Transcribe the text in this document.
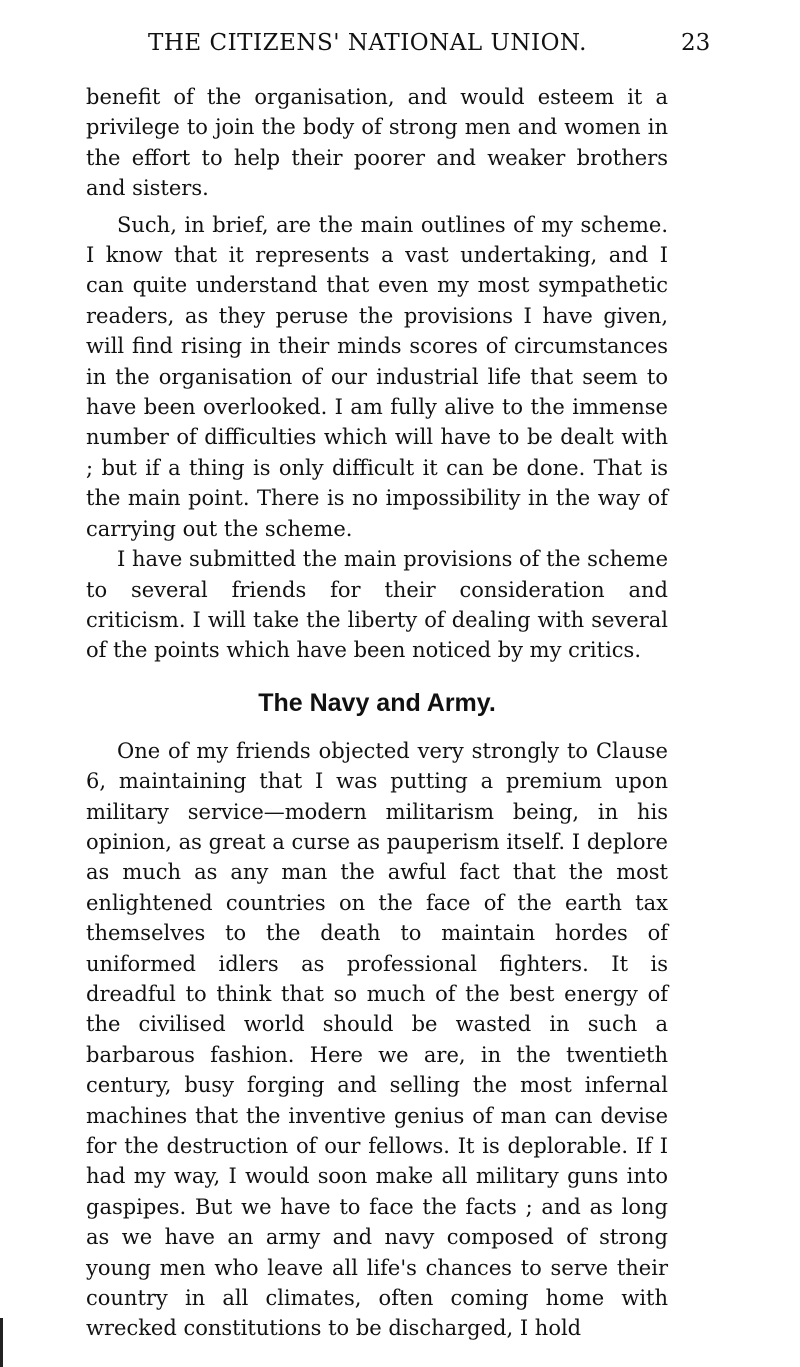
THE CITIZENS' NATIONAL UNION.	23

benefit of the organisation, and would esteem it a privilege to join the body of strong men and women in the effort to help their poorer and weaker brothers and sisters.

Such, in brief, are the main outlines of my scheme. I know that it represents a vast undertaking, and I can quite understand that even my most sympathetic readers, as they peruse the provisions I have given, will find rising in their minds scores of circumstances in the organisation of our industrial life that seem to have been overlooked. I am fully alive to the immense number of difficulties which will have to be dealt with ; but if a thing is only difficult it can be done. That is the main point. There is no impossibility in the way of carrying out the scheme.

I have submitted the main provisions of the scheme to several friends for their consideration and criticism. I will take the liberty of dealing with several of the points which have been noticed by my critics.

The Navy and Army.

One of my friends objected very strongly to Clause 6, maintaining that I was putting a premium upon military service—modern militarism being, in his opinion, as great a curse as pauperism itself. I deplore as much as any man the awful fact that the most enlightened countries on the face of the earth tax themselves to the death to maintain hordes of uniformed idlers as professional fighters. It is dreadful to think that so much of the best energy of the civilised world should be wasted in such a barbarous fashion. Here we are, in the twentieth century, busy forging and selling the most infernal machines that the inventive genius of man can devise for the destruction of our fellows. It is deplorable. If I had my way, I would soon make all military guns into gaspipes. But we have to face the facts ; and as long as we have an army and navy composed of strong young men who leave all life's chances to serve their country in all climates, often coming home with wrecked constitutions to be discharged, I hold
